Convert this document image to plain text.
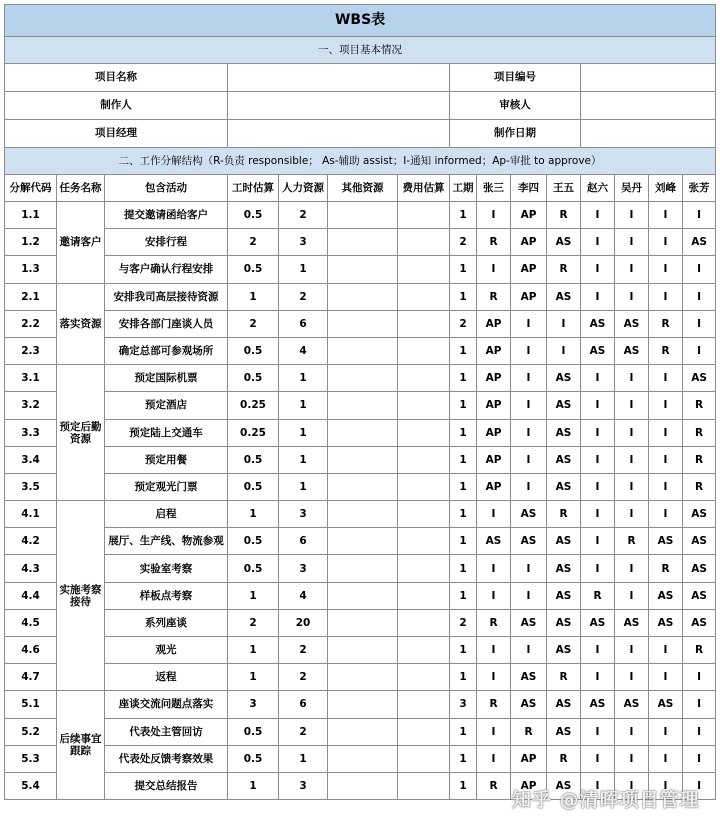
WBS表														
一、项目基本情况														
项目名称							项目编号							
制作人							审核人							
项目经理							制作日期							
二、工作分解结构（R-负责 responsible； As-辅助 assist；I-通知 informed；Ap-审批 to approve）														
分解代码	任务名称	包含活动	工时估算	人力资源	其他资源	费用估算	工期	张三	李四	王五	赵六	吴丹	刘峰	张芳
1.1	邀请客户	提交邀请函给客户	0.5	2			1	I	AP	R	I	I	I	I
1.2		安排行程	2	3			2	R	AP	AS	I	I	I	AS
1.3		与客户确认行程安排	0.5	1			1	I	AP	R	I	I	I	I
2.1	落实资源	安排我司高层接待资源	1	2			1	R	AP	AS	I	I	I	I
2.2		安排各部门座谈人员	2	6			2	AP	I	I	AS	AS	R	I
2.3		确定总部可参观场所	0.5	4			1	AP	I	I	AS	AS	R	I
3.1	预定后勤资源	预定国际机票	0.5	1			1	AP	I	AS	I	I	I	AS
3.2		预定酒店	0.25	1			1	AP	I	AS	I	I	I	R
3.3		预定陆上交通车	0.25	1			1	AP	I	AS	I	I	I	R
3.4		预定用餐	0.5	1			1	AP	I	AS	I	I	I	R
3.5		预定观光门票	0.5	1			1	AP	I	AS	I	I	I	R
4.1	实施考察接待	启程	1	3			1	I	AS	R	I	I	I	AS
4.2		展厅、生产线、物流参观	0.5	6			1	AS	AS	AS	I	R	AS	AS
4.3		实验室考察	0.5	3			1	I	I	AS	I	I	R	AS
4.4		样板点考察	1	4			1	I	I	AS	R	I	AS	AS
4.5		系列座谈	2	20			2	R	AS	AS	AS	AS	AS	AS
4.6		观光	1	2			1	I	I	AS	I	I	I	R
4.7		返程	1	2			1	I	AS	R	I	I	I	I
5.1	后续事宜跟踪	座谈交流问题点落实	3	6			3	R	AS	AS	AS	AS	AS	I
5.2		代表处主管回访	0.5	2			1	I	R	AS	I	I	I	I
5.3		代表处反馈考察效果	0.5	1			1	I	AP	R	I	I	I	I
5.4		提交总结报告	1	3			1	R	AP	AS	I	I	I	I
知乎 @清晖项目管理
